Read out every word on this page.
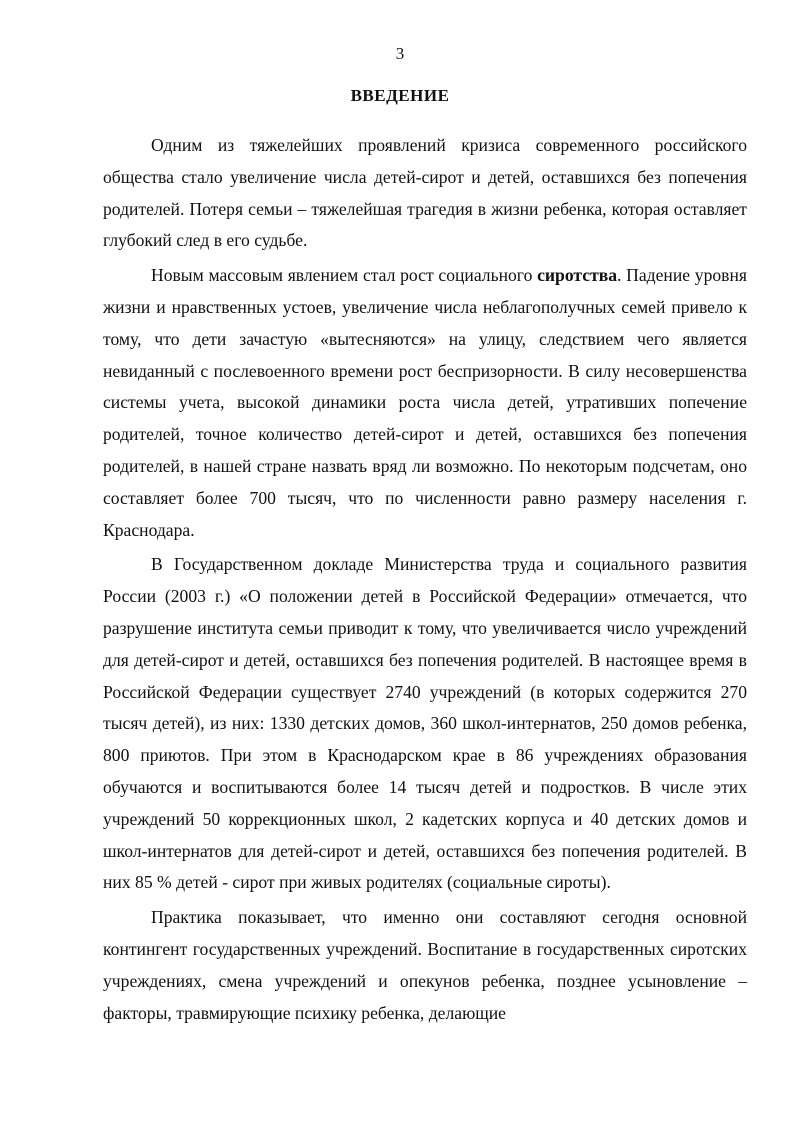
3
ВВЕДЕНИЕ

Одним из тяжелейших проявлений кризиса современного российского общества стало увеличение числа детей-сирот и детей, оставшихся без попечения родителей. Потеря семьи – тяжелейшая трагедия в жизни ребенка, которая оставляет глубокий след в его судьбе.

Новым массовым явлением стал рост социального сиротства. Падение уровня жизни и нравственных устоев, увеличение числа неблагополучных семей привело к тому, что дети зачастую «вытесняются» на улицу, следствием чего является невиданный с послевоенного времени рост беспризорности. В силу несовершенства системы учета, высокой динамики роста числа детей, утративших попечение родителей, точное количество детей-сирот и детей, оставшихся без попечения родителей, в нашей стране назвать вряд ли возможно. По некоторым подсчетам, оно составляет более 700 тысяч, что по численности равно размеру населения г. Краснодара.

В Государственном докладе Министерства труда и социального развития России (2003 г.) «О положении детей в Российской Федерации» отмечается, что разрушение института семьи приводит к тому, что увеличивается число учреждений для детей-сирот и детей, оставшихся без попечения родителей. В настоящее время в Российской Федерации существует 2740 учреждений (в которых содержится 270 тысяч детей), из них: 1330 детских домов, 360 школ-интернатов, 250 домов ребенка, 800 приютов. При этом в Краснодарском крае в 86 учреждениях образования обучаются и воспитываются более 14 тысяч детей и подростков. В числе этих учреждений 50 коррекционных школ, 2 кадетских корпуса и 40 детских домов и школ-интернатов для детей-сирот и детей, оставшихся без попечения родителей. В них 85 % детей - сирот при живых родителях (социальные сироты).

Практика показывает, что именно они составляют сегодня основной контингент государственных учреждений. Воспитание в государственных сиротских учреждениях, смена учреждений и опекунов ребенка, позднее усыновление – факторы, травмирующие психику ребенка, делающие
